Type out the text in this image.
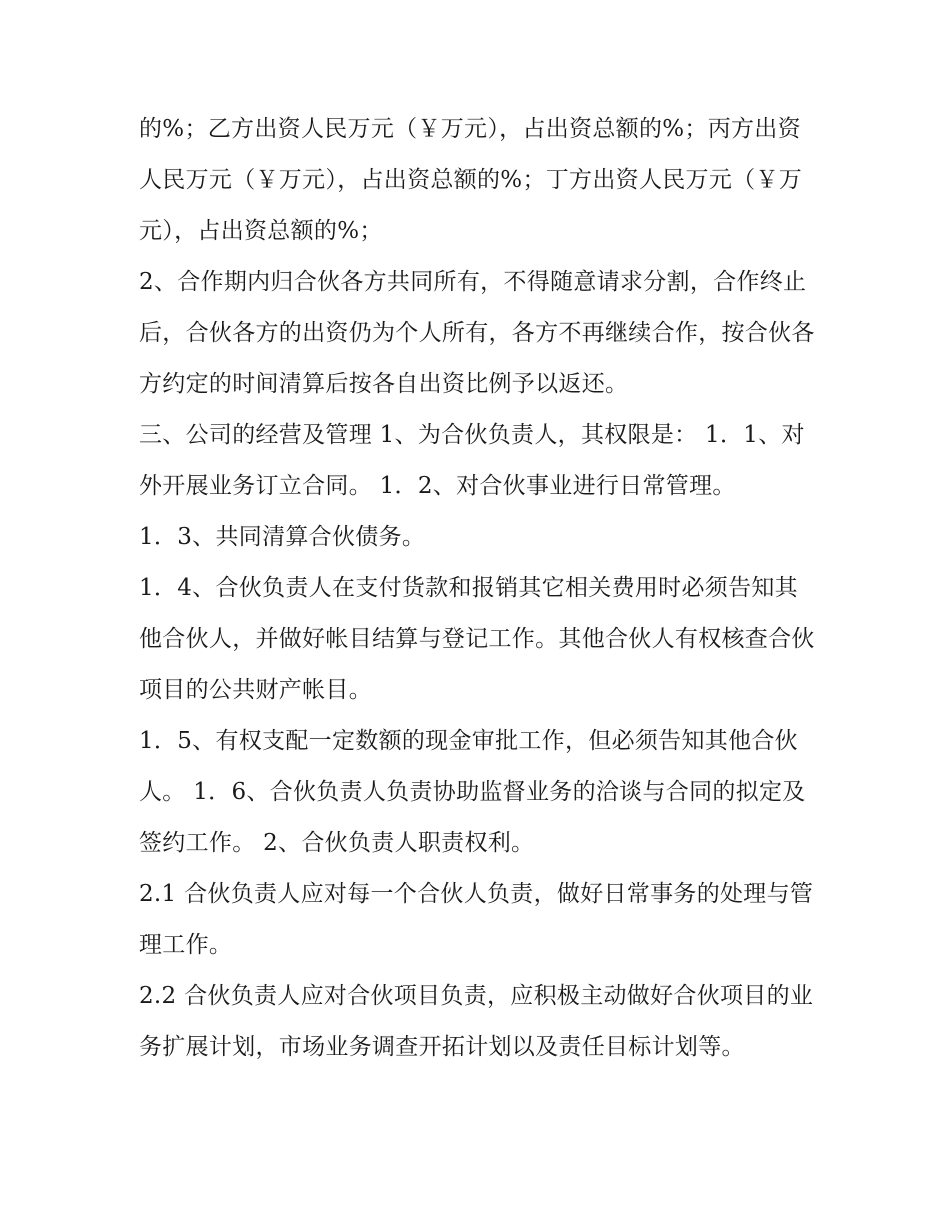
的%；乙方出资人民万元（￥万元），占出资总额的%；丙方出资人民万元（￥万元），占出资总额的%；丁方出资人民万元（￥万元），占出资总额的%；

2、合作期内归合伙各方共同所有，不得随意请求分割，合作终止后，合伙各方的出资仍为个人所有，各方不再继续合作，按合伙各方约定的时间清算后按各自出资比例予以返还。

三、公司的经营及管理 1、为合伙负责人，其权限是： 1．1、对外开展业务订立合同。 1．2、对合伙事业进行日常管理。

1．3、共同清算合伙债务。

1．4、合伙负责人在支付货款和报销其它相关费用时必须告知其他合伙人，并做好帐目结算与登记工作。其他合伙人有权核查合伙项目的公共财产帐目。

1．5、有权支配一定数额的现金审批工作，但必须告知其他合伙人。 1．6、合伙负责人负责协助监督业务的洽谈与合同的拟定及签约工作。 2、合伙负责人职责权利。

2.1 合伙负责人应对每一个合伙人负责，做好日常事务的处理与管理工作。

2.2 合伙负责人应对合伙项目负责，应积极主动做好合伙项目的业务扩展计划，市场业务调查开拓计划以及责任目标计划等。
